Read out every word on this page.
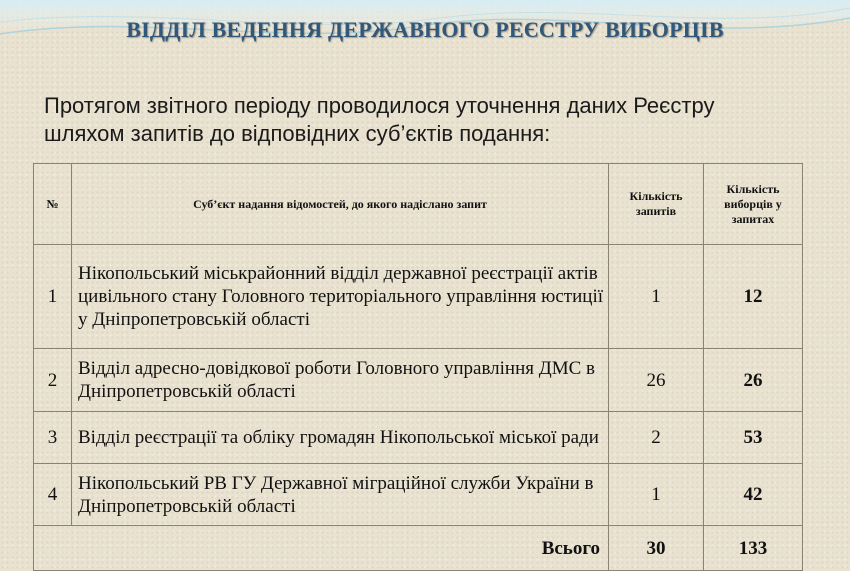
ВІДДІЛ ВЕДЕННЯ ДЕРЖАВНОГО РЕЄСТРУ ВИБОРЦІВ

Протягом звітного періоду проводилося уточнення даних Реєстру
шляхом запитів до відповідних суб’єктів подання:

№	Суб’єкт надання відомостей, до якого надіслано запит	Кількість запитів	Кількість виборців у запитах
1	Нікопольський міськрайонний відділ державної реєстрації актів цивільного стану Головного територіального управління юстиції у Дніпропетровській області	1	12
2	Відділ адресно-довідкової роботи Головного управління ДМС в Дніпропетровській області	26	26
3	Відділ реєстрації та обліку громадян Нікопольської міської ради	2	53
4	Нікопольський РВ ГУ Державної міграційної служби України в Дніпропетровській області	1	42
Всього		30	133
